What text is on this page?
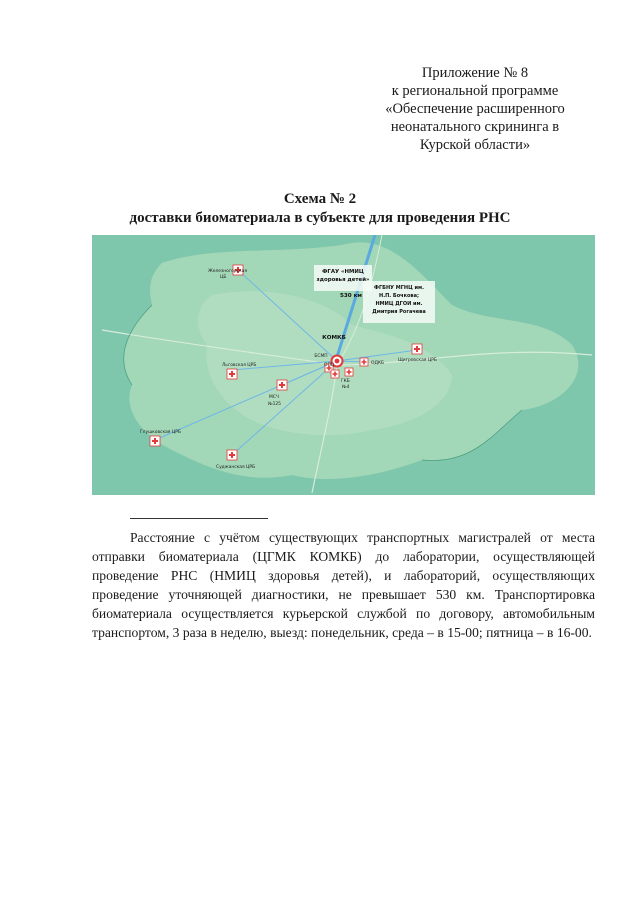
Приложение № 8
к региональной программе
«Обеспечение расширенного
неонатального скрининга в
Курской области»
Схема № 2
доставки биоматериала в субъекте для проведения РНС
ФГАУ «НМИЦ
здоровья детей»
530 км
ФГБНУ МГНЦ им.
Н.П. Бочкова;
НМИЦ ДГОИ им.
Дмитрия Рогачева
КОМКБ
БСМП
Железногорская
ЦБ
Льговская ЦРБ
Щигровская ЦРБ
МСЧ
№125
Глушковская ЦРБ
Суджанская ЦРБ
ОДКБ
ОПЦ
ГКБ
№4
Расстояние с учётом существующих транспортных магистралей от места отправки биоматериала (ЦГМК КОМКБ) до лаборатории, осуществляющей проведение РНС (НМИЦ здоровья детей), и лабораторий, осуществляющих проведение уточняющей диагностики, не превышает 530 км. Транспортировка биоматериала осуществляется курьерской службой по договору, автомобильным транспортом, 3 раза в неделю, выезд: понедельник, среда – в 15-00; пятница – в 16-00.
